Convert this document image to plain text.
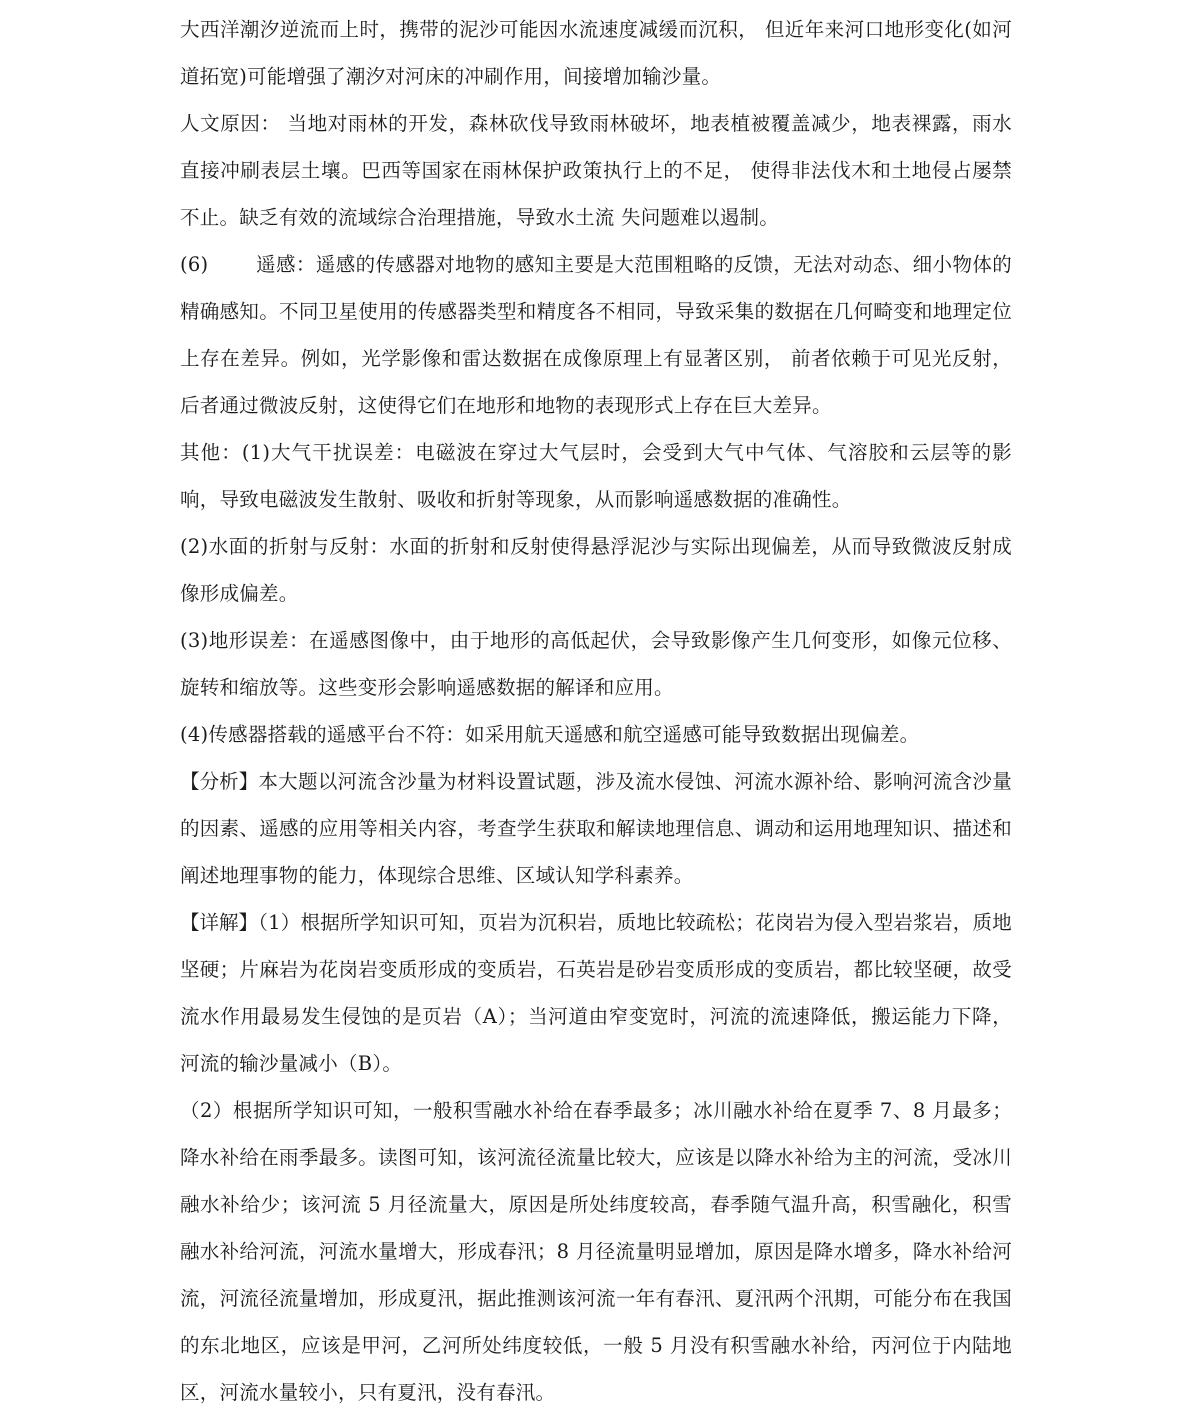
大西洋潮汐逆流而上时，携带的泥沙可能因水流速度减缓而沉积， 但近年来河口地形变化(如河道拓宽)可能增强了潮汐对河床的冲刷作用，间接增加输沙量。

人文原因： 当地对雨林的开发，森林砍伐导致雨林破坏，地表植被覆盖减少，地表裸露，雨水直接冲刷表层土壤。巴西等国家在雨林保护政策执行上的不足， 使得非法伐木和土地侵占屡禁不止。缺乏有效的流域综合治理措施，导致水土流 失问题难以遏制。

(6) 遥感：遥感的传感器对地物的感知主要是大范围粗略的反馈，无法对动态、细小物体的精确感知。不同卫星使用的传感器类型和精度各不相同，导致采集的数据在几何畸变和地理定位上存在差异。例如，光学影像和雷达数据在成像原理上有显著区别， 前者依赖于可见光反射，后者通过微波反射，这使得它们在地形和地物的表现形式上存在巨大差异。

其他：(1)大气干扰误差：电磁波在穿过大气层时，会受到大气中气体、气溶胶和云层等的影响，导致电磁波发生散射、吸收和折射等现象，从而影响遥感数据的准确性。

(2)水面的折射与反射：水面的折射和反射使得悬浮泥沙与实际出现偏差，从而导致微波反射成像形成偏差。

(3)地形误差：在遥感图像中，由于地形的高低起伏，会导致影像产生几何变形，如像元位移、旋转和缩放等。这些变形会影响遥感数据的解译和应用。

(4)传感器搭载的遥感平台不符：如采用航天遥感和航空遥感可能导致数据出现偏差。

【分析】本大题以河流含沙量为材料设置试题，涉及流水侵蚀、河流水源补给、影响河流含沙量的因素、遥感的应用等相关内容，考查学生获取和解读地理信息、调动和运用地理知识、描述和阐述地理事物的能力，体现综合思维、区域认知学科素养。

【详解】（1）根据所学知识可知，页岩为沉积岩，质地比较疏松；花岗岩为侵入型岩浆岩，质地坚硬；片麻岩为花岗岩变质形成的变质岩，石英岩是砂岩变质形成的变质岩，都比较坚硬，故受流水作用最易发生侵蚀的是页岩（A）；当河道由窄变宽时，河流的流速降低，搬运能力下降，河流的输沙量减小（B）。

（2）根据所学知识可知，一般积雪融水补给在春季最多；冰川融水补给在夏季 7、8 月最多；降水补给在雨季最多。读图可知，该河流径流量比较大，应该是以降水补给为主的河流，受冰川融水补给少；该河流 5 月径流量大，原因是所处纬度较高，春季随气温升高，积雪融化，积雪融水补给河流，河流水量增大，形成春汛；8 月径流量明显增加，原因是降水增多，降水补给河流，河流径流量增加，形成夏汛，据此推测该河流一年有春汛、夏汛两个汛期，可能分布在我国的东北地区，应该是甲河，乙河所处纬度较低，一般 5 月没有积雪融水补给，丙河位于内陆地区，河流水量较小，只有夏汛，没有春汛。
